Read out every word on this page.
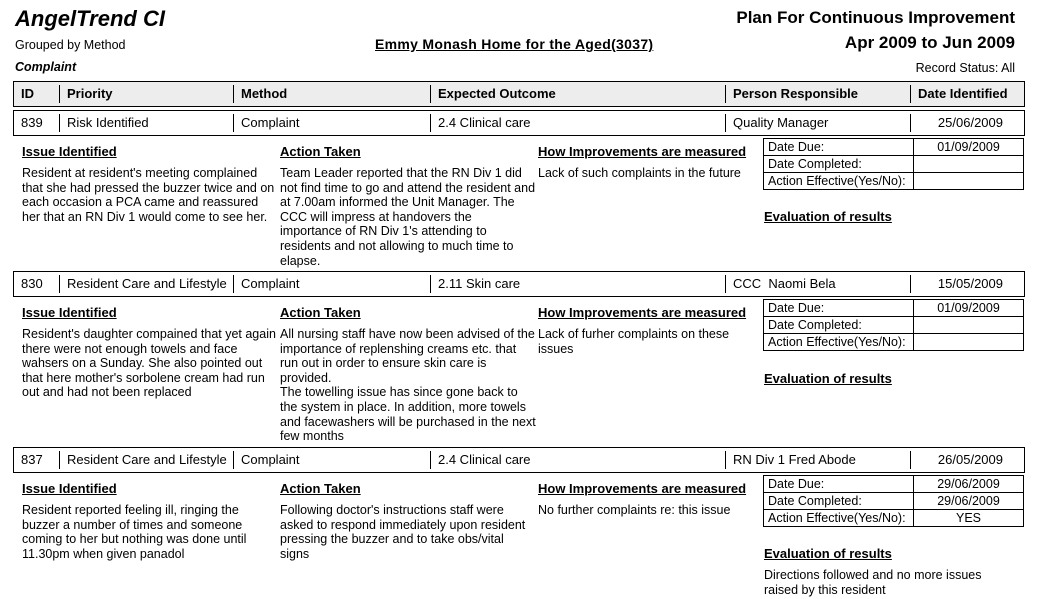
AngelTrend CI
Grouped by Method	Emmy Monash Home for the Aged(3037)
Plan For Continuous Improvement
Apr 2009 to Jun 2009
Complaint	Record Status: All
ID	Priority	Method	Expected Outcome	Person Responsible	Date Identified
839	Risk Identified	Complaint	2.4 Clinical care	Quality Manager	25/06/2009
Issue Identified
Resident at resident's meeting complained that she had pressed the buzzer twice and on each occasion a PCA came and reassured her that an RN Div 1 would come to see her.
Action Taken
Team Leader reported that the RN Div 1 did not find time to go and attend the resident and at 7.00am informed the Unit Manager. The CCC will impress at handovers the importance of RN Div 1's attending to residents and not allowing to much time to elapse.
How Improvements are measured
Lack of such complaints in the future
Date Due:	01/09/2009
Date Completed:	
Action Effective(Yes/No):	
Evaluation of results
830	Resident Care and Lifestyle	Complaint	2.11 Skin care	CCC  Naomi Bela	15/05/2009
Issue Identified
Resident's daughter compained that yet again there were not enough towels and face wahsers on a Sunday. She also pointed out that here mother's sorbolene cream had run out and had not been replaced
Action Taken
All nursing staff have now been advised of the importance of replenshing creams etc. that run out in order to ensure skin care is provided.
The towelling issue has since gone back to the system in place. In addition, more towels and facewashers will be purchased in the next few months
How Improvements are measured
Lack of furher complaints on these issues
Date Due:	01/09/2009
Date Completed:	
Action Effective(Yes/No):	
Evaluation of results
837	Resident Care and Lifestyle	Complaint	2.4 Clinical care	RN Div 1 Fred Abode	26/05/2009
Issue Identified
Resident reported feeling ill, ringing the buzzer a number of times and someone coming to her but nothing was done until 11.30pm when given panadol
Action Taken
Following doctor's instructions staff were asked to respond immediately upon resident pressing the buzzer and to take obs/vital signs
How Improvements are measured
No further complaints re: this issue
Date Due:	29/06/2009
Date Completed:	29/06/2009
Action Effective(Yes/No):	YES
Evaluation of results
Directions followed and no more issues raised by this resident
